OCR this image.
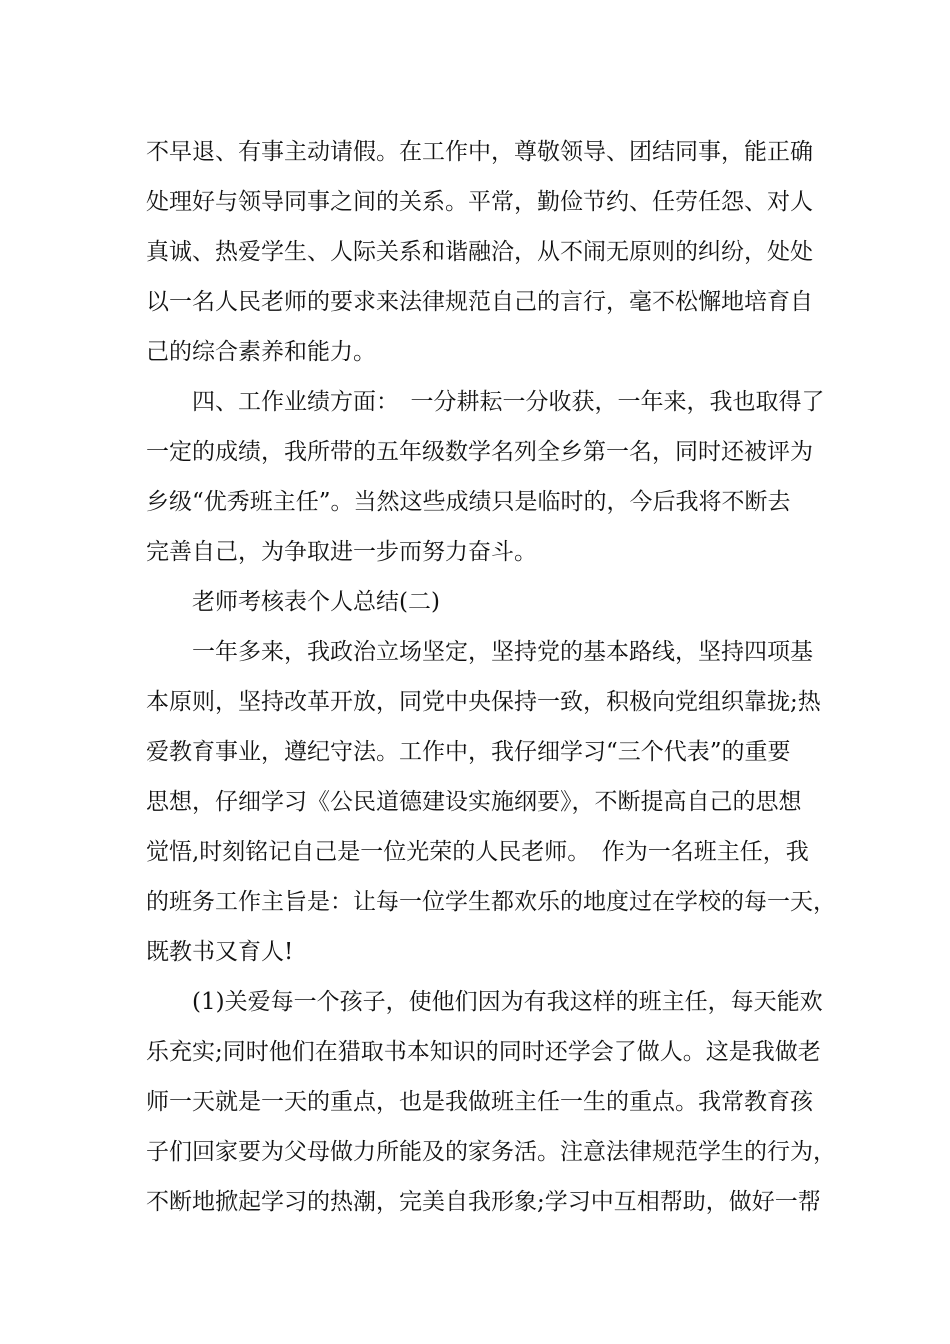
不早退、有事主动请假。在工作中，尊敬领导、团结同事，能正确
处理好与领导同事之间的关系。平常，勤俭节约、任劳任怨、对人
真诚、热爱学生、人际关系和谐融洽，从不闹无原则的纠纷，处处
以一名人民老师的要求来法律规范自己的言行，毫不松懈地培育自
己的综合素养和能力。
　　四、工作业绩方面：　一分耕耘一分收获，一年来，我也取得了
一定的成绩，我所带的五年级数学名列全乡第一名，同时还被评为
乡级“优秀班主任”。当然这些成绩只是临时的，今后我将不断去
完善自己，为争取进一步而努力奋斗。
　　老师考核表个人总结(二)
　　一年多来，我政治立场坚定，坚持党的基本路线，坚持四项基
本原则，坚持改革开放，同党中央保持一致，积极向党组织靠拢;热
爱教育事业，遵纪守法。工作中，我仔细学习“三个代表”的重要
思想，仔细学习《公民道德建设实施纲要》，不断提高自己的思想
觉悟,时刻铭记自己是一位光荣的人民老师。　作为一名班主任，我
的班务工作主旨是：让每一位学生都欢乐的地度过在学校的每一天，
既教书又育人!
　　(1)关爱每一个孩子，使他们因为有我这样的班主任，每天能欢
乐充实;同时他们在猎取书本知识的同时还学会了做人。这是我做老
师一天就是一天的重点，也是我做班主任一生的重点。我常教育孩
子们回家要为父母做力所能及的家务活。注意法律规范学生的行为，
不断地掀起学习的热潮，完美自我形象;学习中互相帮助，做好一帮
